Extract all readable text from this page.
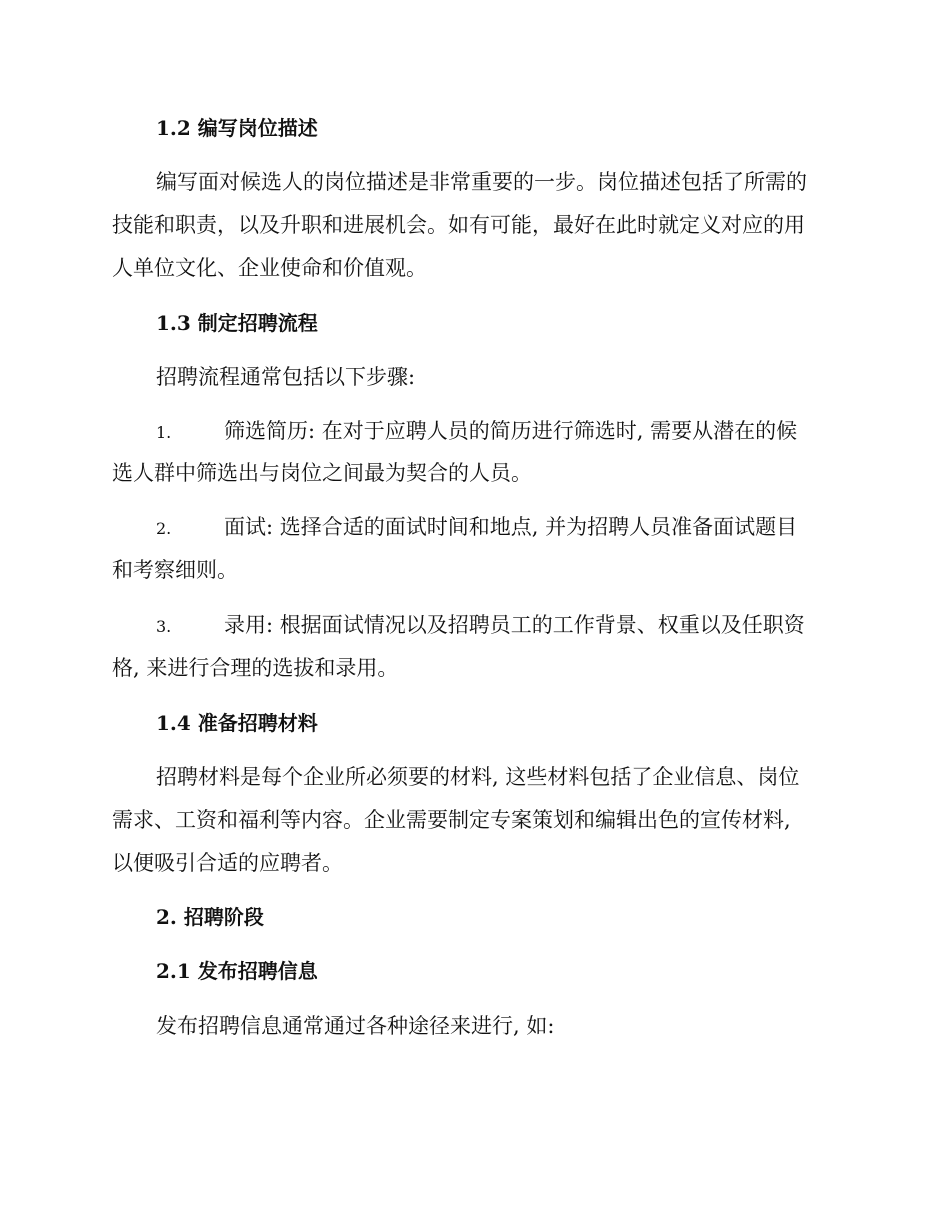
1.2 编写岗位描述
编写面对候选人的岗位描述是非常重要的一步。岗位描述包括了所需的
技能和职责，以及升职和进展机会。如有可能，最好在此时就定义对应的用
人单位文化、企业使命和价值观。
1.3 制定招聘流程
招聘流程通常包括以下步骤:
1.	筛选简历: 在对于应聘人员的简历进行筛选时, 需要从潜在的候
选人群中筛选出与岗位之间最为契合的人员。
2.	面试: 选择合适的面试时间和地点, 并为招聘人员准备面试题目
和考察细则。
3.	录用: 根据面试情况以及招聘员工的工作背景、权重以及任职资
格, 来进行合理的选拔和录用。
1.4 准备招聘材料
招聘材料是每个企业所必须要的材料, 这些材料包括了企业信息、岗位
需求、工资和福利等内容。企业需要制定专案策划和编辑出色的宣传材料,
以便吸引合适的应聘者。
2. 招聘阶段
2.1 发布招聘信息
发布招聘信息通常通过各种途径来进行, 如:
